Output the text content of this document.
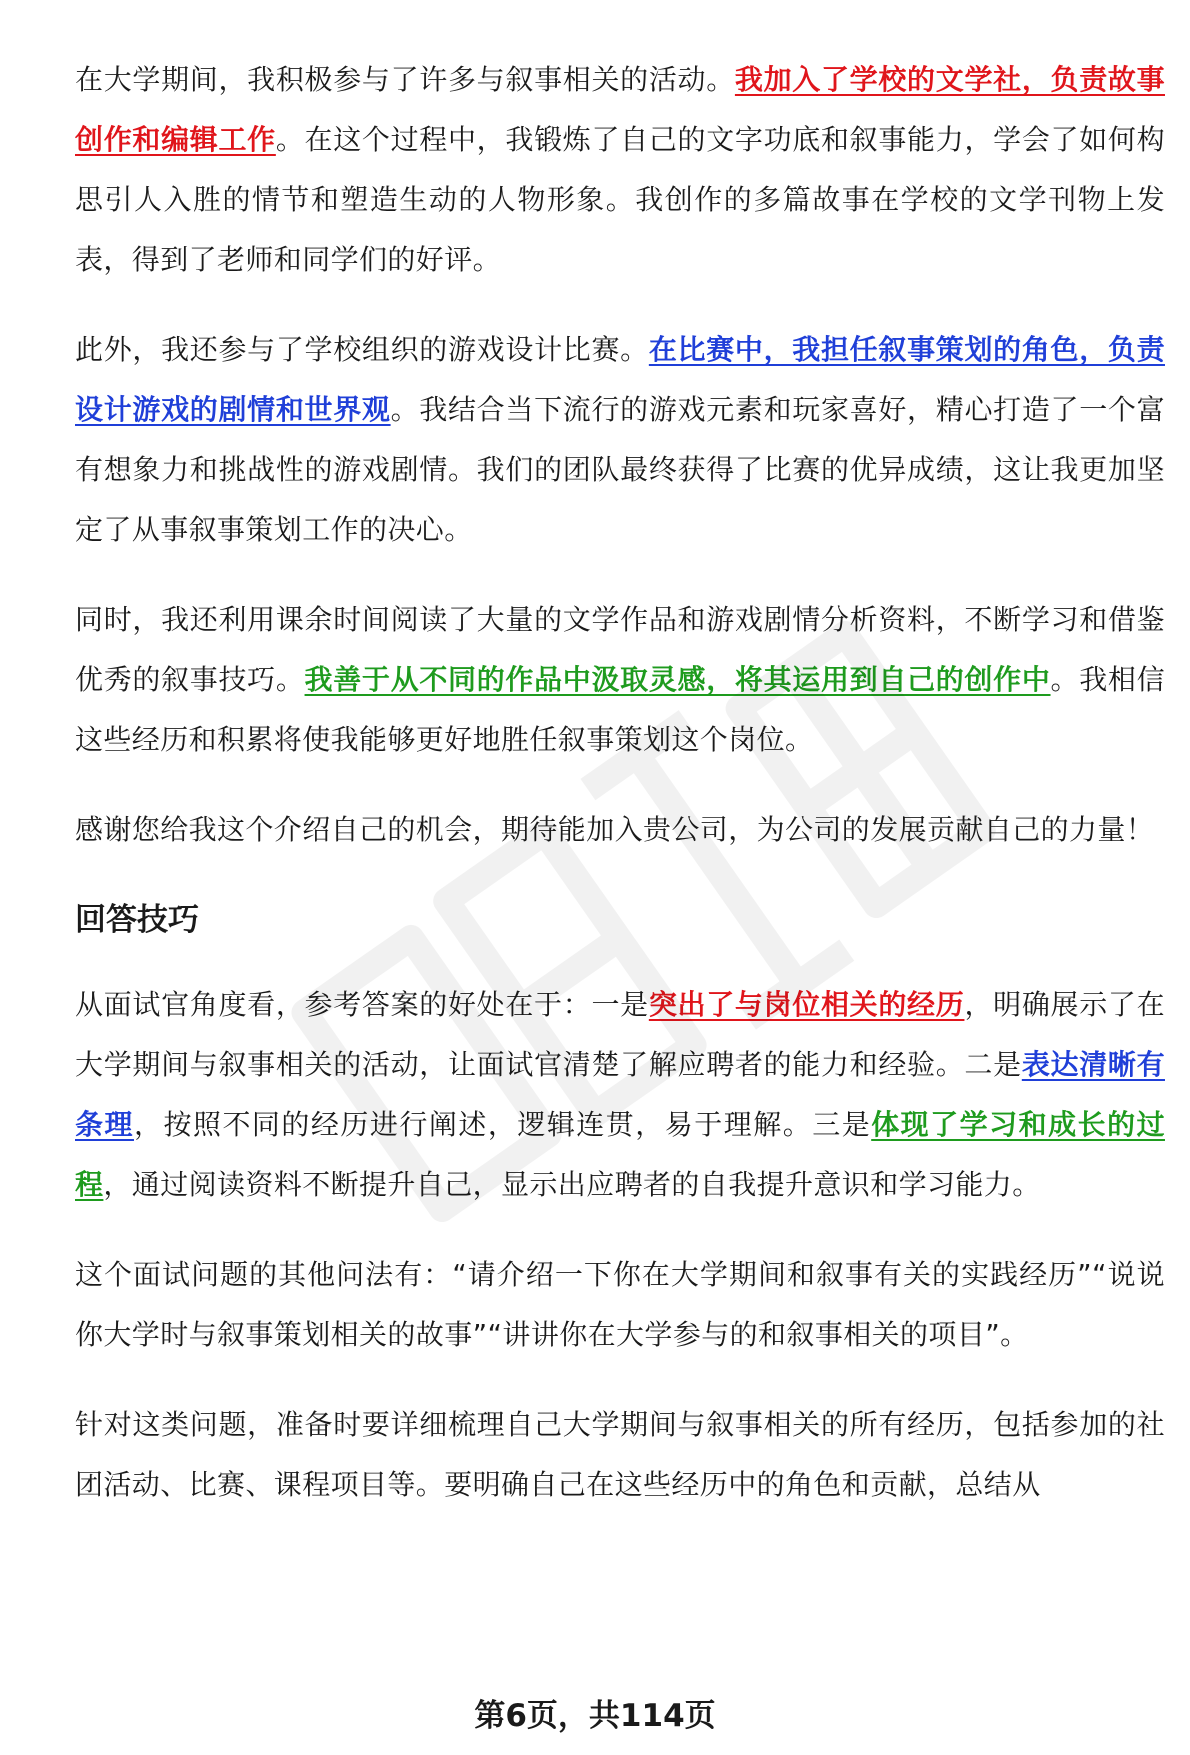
在大学期间，我积极参与了许多与叙事相关的活动。我加入了学校的文学社，负责故事创作和编辑工作。在这个过程中，我锻炼了自己的文字功底和叙事能力，学会了如何构思引人入胜的情节和塑造生动的人物形象。我创作的多篇故事在学校的文学刊物上发表，得到了老师和同学们的好评。

此外，我还参与了学校组织的游戏设计比赛。在比赛中，我担任叙事策划的角色，负责设计游戏的剧情和世界观。我结合当下流行的游戏元素和玩家喜好，精心打造了一个富有想象力和挑战性的游戏剧情。我们的团队最终获得了比赛的优异成绩，这让我更加坚定了从事叙事策划工作的决心。

同时，我还利用课余时间阅读了大量的文学作品和游戏剧情分析资料，不断学习和借鉴优秀的叙事技巧。我善于从不同的作品中汲取灵感，将其运用到自己的创作中。我相信这些经历和积累将使我能够更好地胜任叙事策划这个岗位。

感谢您给我这个介绍自己的机会，期待能加入贵公司，为公司的发展贡献自己的力量！

回答技巧

从面试官角度看，参考答案的好处在于：一是突出了与岗位相关的经历，明确展示了在大学期间与叙事相关的活动，让面试官清楚了解应聘者的能力和经验。二是表达清晰有条理，按照不同的经历进行阐述，逻辑连贯，易于理解。三是体现了学习和成长的过程，通过阅读资料不断提升自己，显示出应聘者的自我提升意识和学习能力。

这个面试问题的其他问法有：“请介绍一下你在大学期间和叙事有关的实践经历”“说说你大学时与叙事策划相关的故事”“讲讲你在大学参与的和叙事相关的项目”。

针对这类问题，准备时要详细梳理自己大学期间与叙事相关的所有经历，包括参加的社团活动、比赛、课程项目等。要明确自己在这些经历中的角色和贡献，总结从

第6页，共114页
